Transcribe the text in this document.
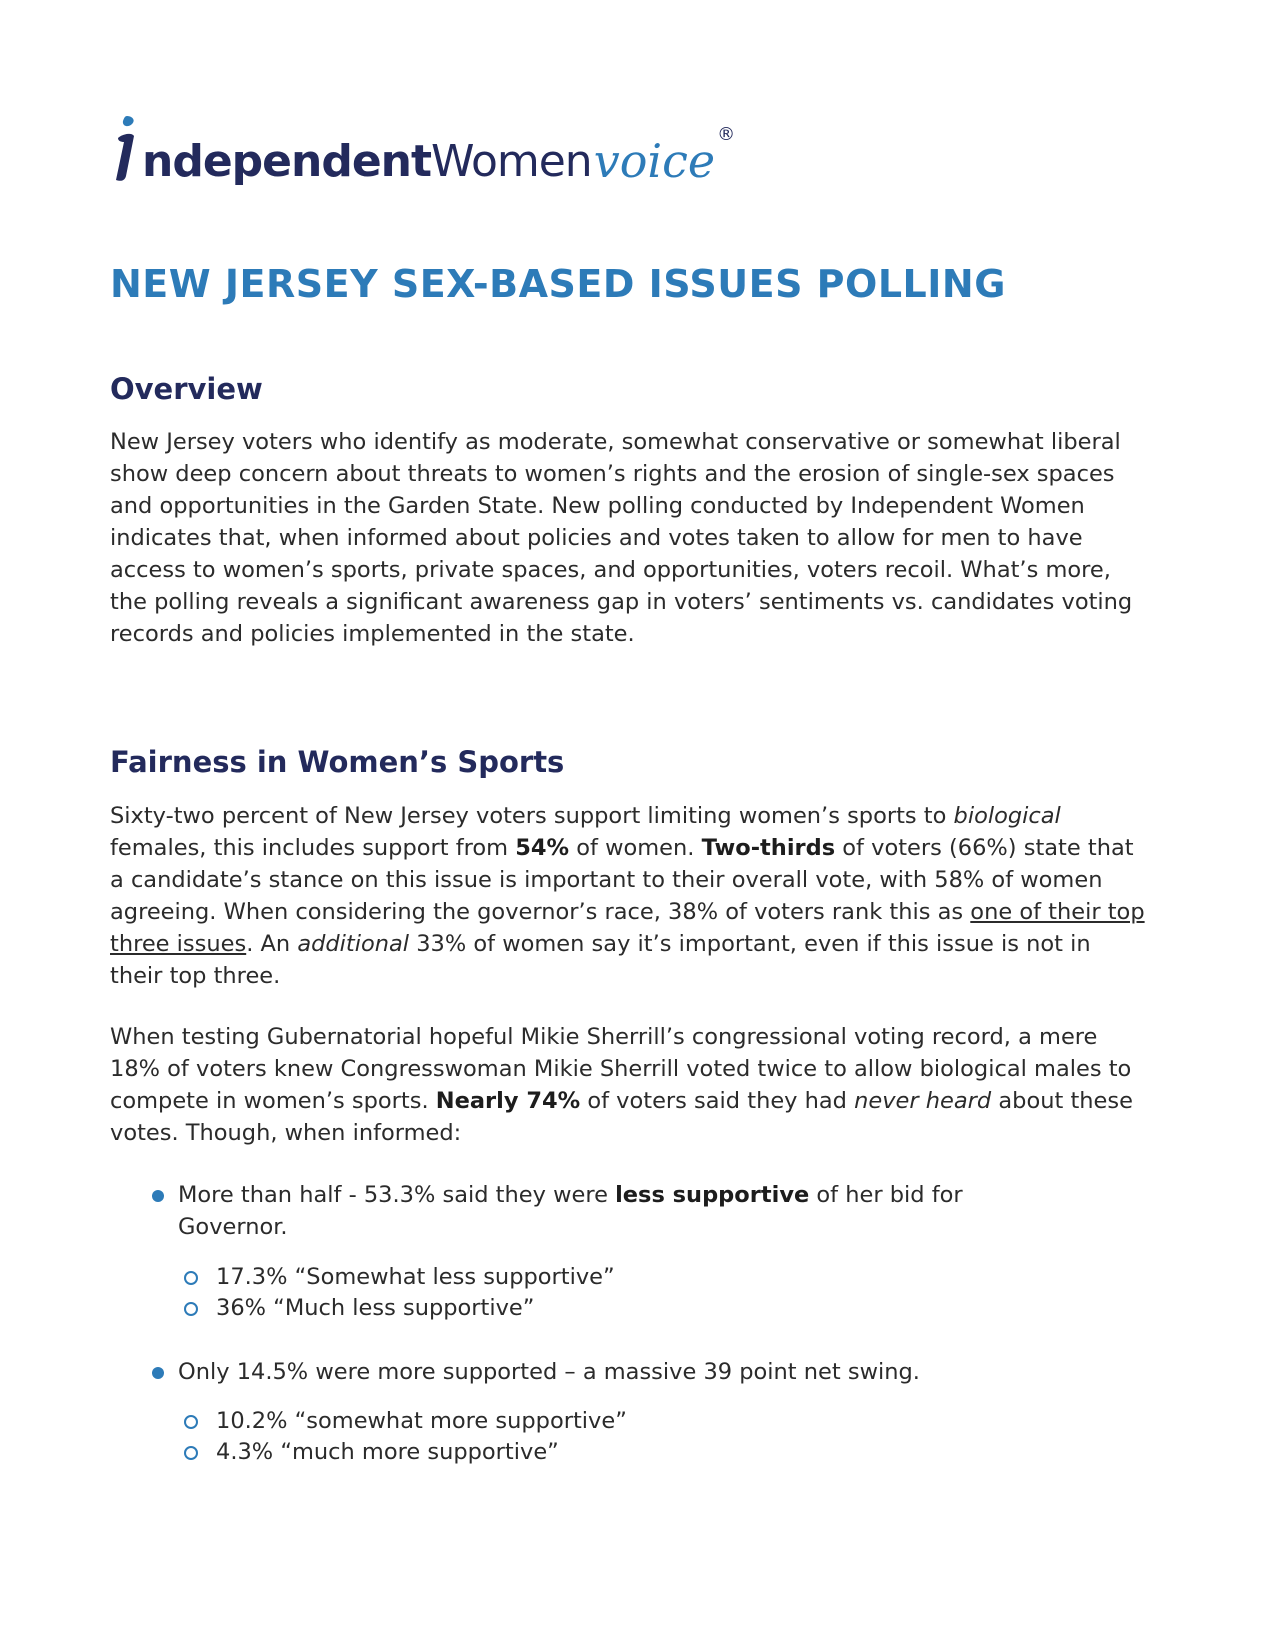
ndependent Women voice ®
NEW JERSEY SEX-BASED ISSUES POLLING
Overview

New Jersey voters who identify as moderate, somewhat conservative or somewhat liberal show deep concern about threats to women’s rights and the erosion of single-sex spaces and opportunities in the Garden State. New polling conducted by Independent Women indicates that, when informed about policies and votes taken to allow for men to have access to women’s sports, private spaces, and opportunities, voters recoil. What’s more, the polling reveals a significant awareness gap in voters’ sentiments vs. candidates voting records and policies implemented in the state.

Fairness in Women’s Sports

Sixty-two percent of New Jersey voters support limiting women’s sports to biological females, this includes support from 54% of women. Two-thirds of voters (66%) state that a candidate’s stance on this issue is important to their overall vote, with 58% of women agreeing. When considering the governor’s race, 38% of voters rank this as one of their top three issues. An additional 33% of women say it’s important, even if this issue is not in their top three.

When testing Gubernatorial hopeful Mikie Sherrill’s congressional voting record, a mere 18% of voters knew Congresswoman Mikie Sherrill voted twice to allow biological males to compete in women’s sports. Nearly 74% of voters said they had never heard about these votes. Though, when informed:

More than half - 53.3% said they were less supportive of her bid for Governor.
17.3% “Somewhat less supportive”
36% “Much less supportive”
Only 14.5% were more supported – a massive 39 point net swing.
10.2% “somewhat more supportive”
4.3% “much more supportive”
